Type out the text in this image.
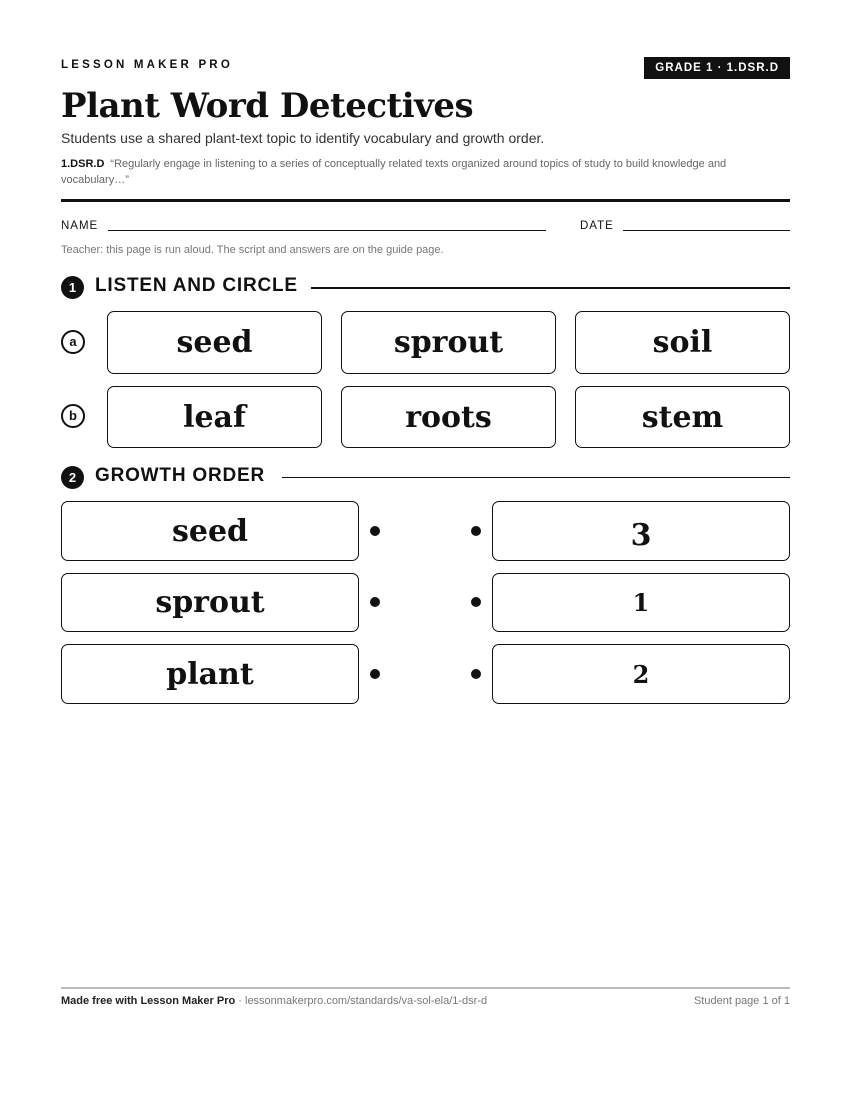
LESSON MAKER PRO	GRADE 1 · 1.DSR.D
Plant Word Detectives
Students use a shared plant-text topic to identify vocabulary and growth order.
1.DSR.D “Regularly engage in listening to a series of conceptually related texts organized around topics of study to build knowledge and vocabulary…”
NAME	DATE
Teacher: this page is run aloud. The script and answers are on the guide page.
1 LISTEN AND CIRCLE
a	seed	sprout	soil
b	leaf	roots	stem
2 GROWTH ORDER
seed	3
sprout	1
plant	2
Made free with Lesson Maker Pro · lessonmakerpro.com/standards/va-sol-ela/1-dsr-d	Student page 1 of 1
